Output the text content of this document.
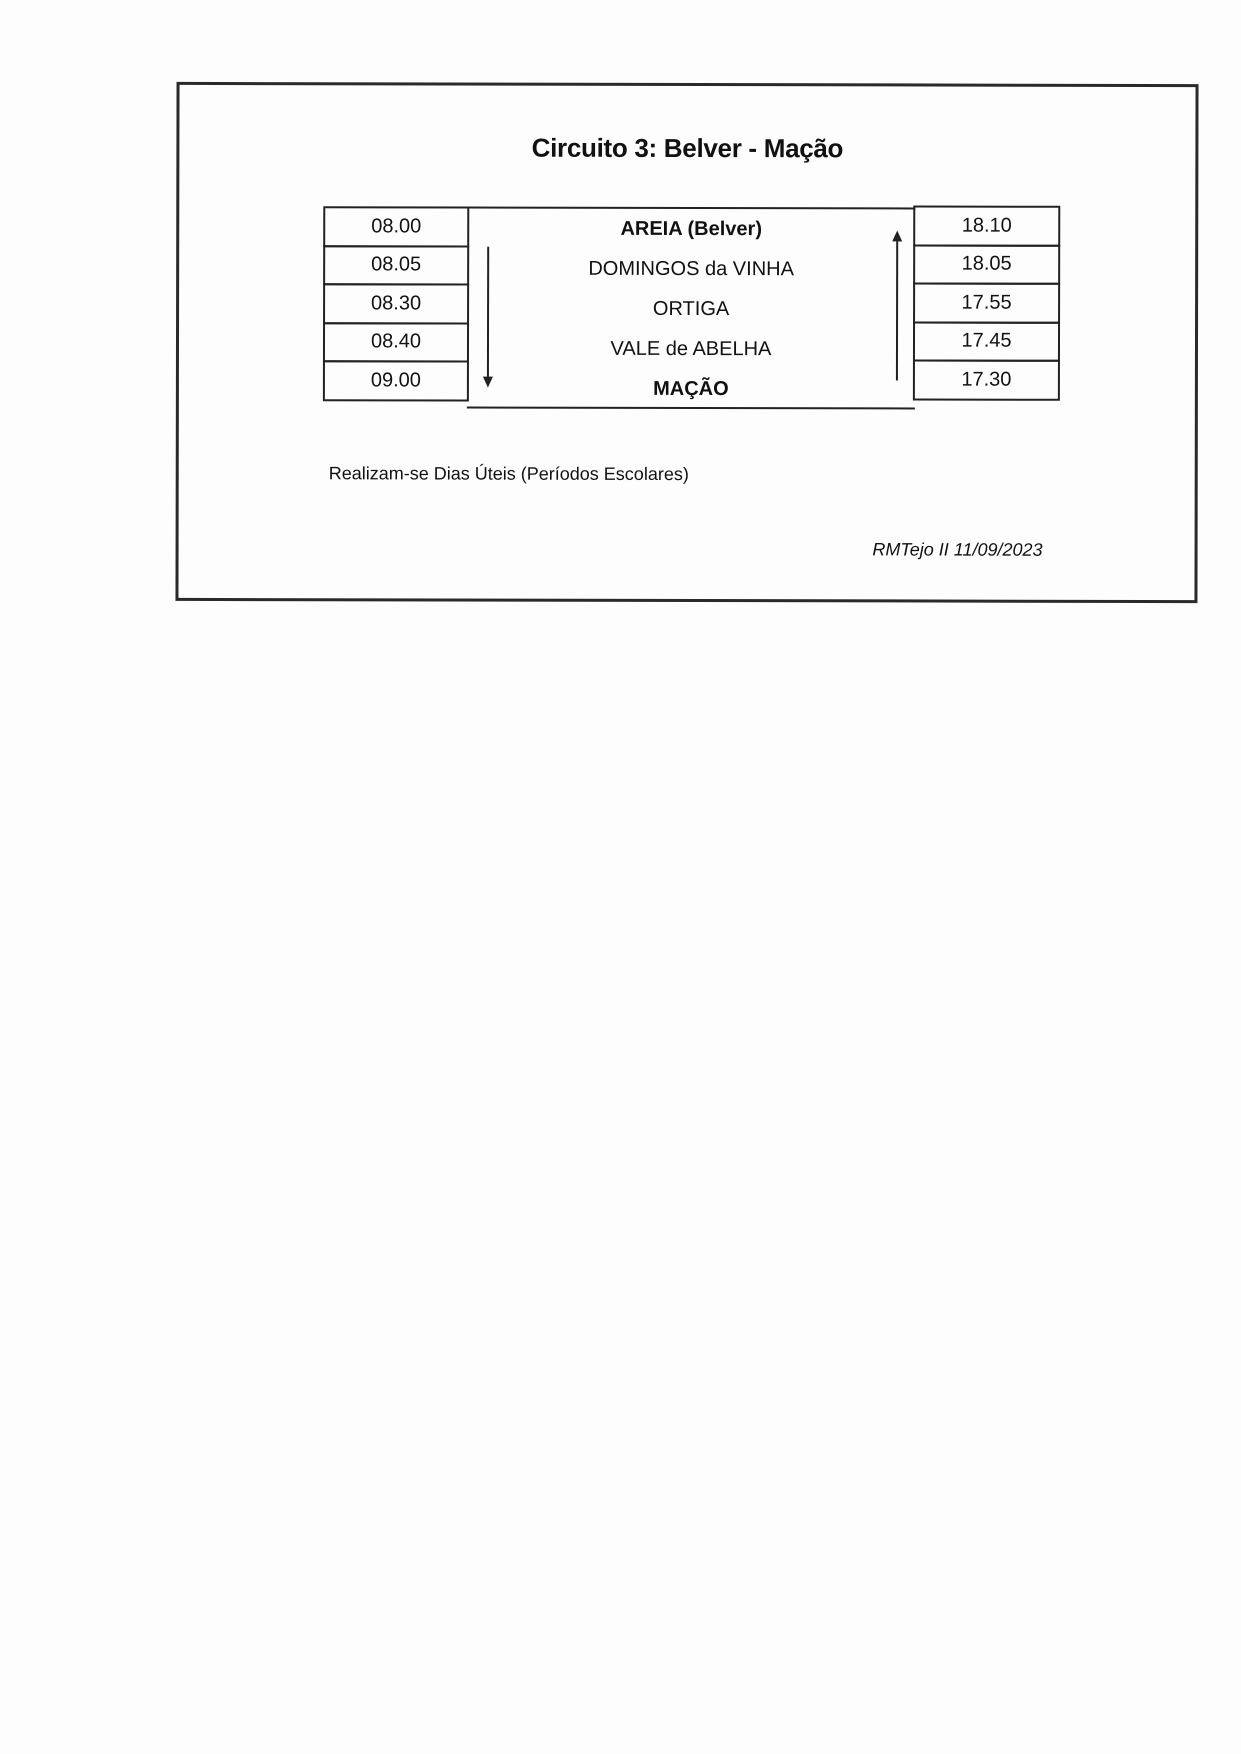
Circuito 3: Belver - Mação
08.00
08.05
08.30
08.40
09.00
AREIA (Belver)
DOMINGOS da VINHA
ORTIGA
VALE de ABELHA
MAÇÃO
18.10
18.05
17.55
17.45
17.30
Realizam-se Dias Úteis (Períodos Escolares)
RMTejo II 11/09/2023
